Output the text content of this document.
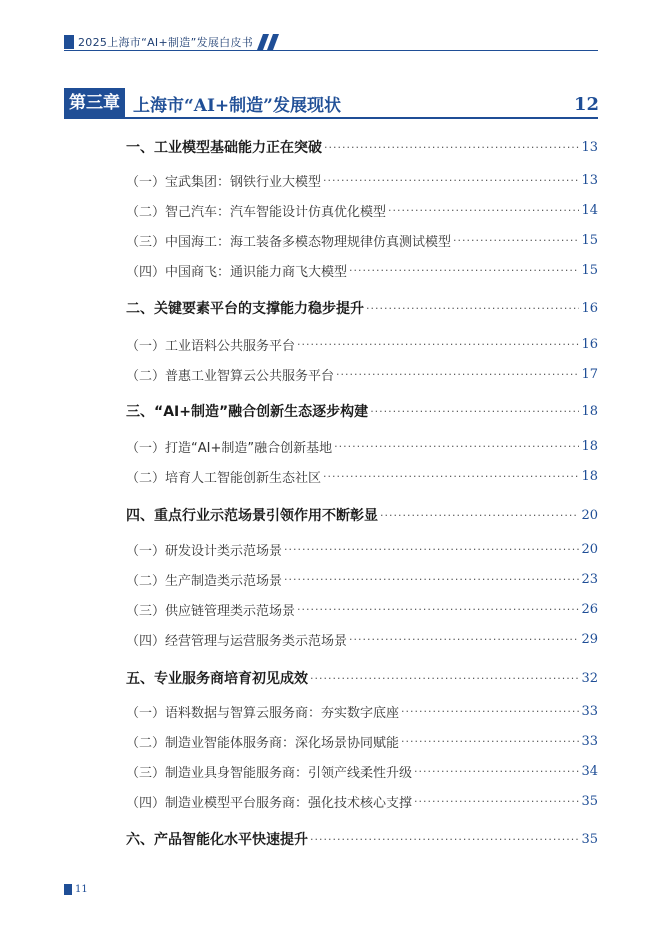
2025上海市“AI+制造”发展白皮书
第三章 上海市“AI+制造”发展现状	12
一、工业模型基础能力正在突破 ·····	13
（一）宝武集团：钢铁行业大模型 ·····	13
（二）智己汽车：汽车智能设计仿真优化模型 ·····	14
（三）中国海工：海工装备多模态物理规律仿真测试模型 ·····	15
（四）中国商飞：通识能力商飞大模型 ·····	15
二、关键要素平台的支撑能力稳步提升 ·····	16
（一）工业语料公共服务平台 ·····	16
（二）普惠工业智算云公共服务平台 ·····	17
三、“AI+制造”融合创新生态逐步构建 ·····	18
（一）打造“AI+制造”融合创新基地 ·····	18
（二）培育人工智能创新生态社区 ·····	18
四、重点行业示范场景引领作用不断彰显 ·····	20
（一）研发设计类示范场景 ·····	20
（二）生产制造类示范场景 ·····	23
（三）供应链管理类示范场景 ·····	26
（四）经营管理与运营服务类示范场景 ·····	29
五、专业服务商培育初见成效 ·····	32
（一）语料数据与智算云服务商：夯实数字底座 ·····	33
（二）制造业智能体服务商：深化场景协同赋能 ·····	33
（三）制造业具身智能服务商：引领产线柔性升级 ·····	34
（四）制造业模型平台服务商：强化技术核心支撑 ·····	35
六、产品智能化水平快速提升 ·····	35
11
